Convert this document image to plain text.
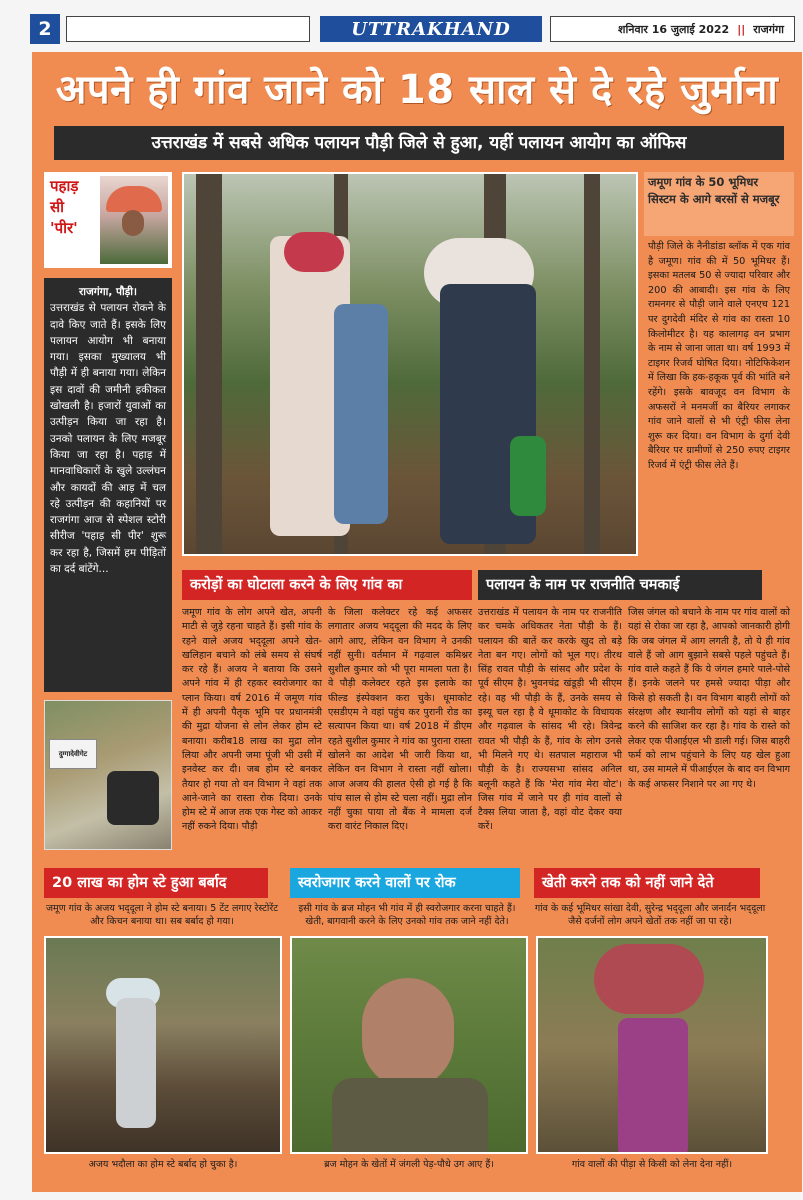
2	UTTRAKHAND	शनिवार 16 जुलाई 2022 || राजगंगा
अपने ही गांव जाने को 18 साल से दे रहे जुर्माना
उत्तराखंड में सबसे अधिक पलायन पौड़ी जिले से हुआ, यहीं पलायन आयोग का ऑफिस
पहाड़
सी
'पीर'
राजगंगा, पौड़ी।
उत्तराखंड से पलायन रोकने के दावे किए जाते हैं। इसके लिए पलायन आयोग भी बनाया गया। इसका मुख्यालय भी पौड़ी में ही बनाया गया। लेकिन इस दावों की जमीनी हकीकत खोखली है। हजारों युवाओं का उत्पीड़न किया जा रहा है। उनको पलायन के लिए मजबूर किया जा रहा है। पहाड़ में मानवाधिकारों के खुले उल्लंघन और कायदों की आड़ में चल रहे उत्पीड़न की कहानियों पर राजगंगा आज से स्पेशल स्टोरी सीरीज 'पहाड़ सी पीर' शुरू कर रहा है, जिसमें हम पीड़ितों का दर्द बांटेंगे...
दुग्गादेवीगेट
जमूण गांव के 50 भूमिधर सिस्टम के आगे बरसों से मजबूर
पौड़ी जिले के नैनीडांडा ब्लॉक में एक गांव है जमूण। गांव की में 50 भूमिधर हैं। इसका मतलब 50 से ज्यादा परिवार और 200 की आबादी। इस गांव के लिए रामनगर से पौड़ी जाने वाले एनएच 121 पर दुगदेवी मंदिर से गांव का रास्ता 10 किलोमीटर है। यह कालागढ़ वन प्रभाग के नाम से जाना जाता था। वर्ष 1993 में टाइगर रिजर्व घोषित दिया। नोटिफिकेशन में लिखा कि हक-हकूक पूर्व की भांति बने रहेंगे। इसके बावजूद वन विभाग के अफसरों ने मनमर्जी का बैरियर लगाकर गांव जाने वालों से भी एंट्री फीस लेना शुरू कर दिया। वन विभाग के दुर्गा देवी बैरियर पर ग्रामीणों से 250 रुपए टाइगर रिजर्व में एंट्री फीस लेते हैं।
करोड़ों का घोटाला करने के लिए गांव का	पलायन के नाम पर राजनीति चमकाई
जमूण गांव के लोग अपने खेत, अपनी माटी से जुड़े रहना चाहते हैं। इसी गांव के रहने वाले अजय भद्‌दूला अपने खेत-खलिहान बचाने को लंबे समय से संघर्ष कर रहे हैं। अजय ने बताया कि उसने अपने गांव में ही रहकर स्वरोजगार का प्लान किया। वर्ष 2016 में जमूण गांव में ही अपनी पैतृक भूमि पर प्रधानमंत्री की मुद्रा योजना से लोन लेकर होम स्टे बनाया। करीब18 लाख का मुद्रा लोन लिया और अपनी जमा पूंजी भी उसी में इनवेस्ट कर दी। जब होम स्टे बनकर तैयार हो गया तो वन विभाग ने वहां तक आने-जाने का रास्ता रोक दिया। उनके होम स्टे में आज तक एक गेस्ट को आकर नहीं रुकने दिया। पौड़ी
के जिला कलेक्टर रहे कई अफसर लगातार अजय भद्‌दूला की मदद के लिए आगे आए, लेकिन वन विभाग ने उनकी नहीं सुनी। वर्तमान में गढ़वाल कमिश्नर सुशील कुमार को भी पूरा मामला पता है। वे पौड़ी कलेक्टर रहते इस इलाके का फील्ड इंस्पेक्शन करा चुके। धूमाकोट एसडीएम ने वहां पहुंच कर पुरानी रोड का सत्यापन किया था। वर्ष 2018 में डीएम रहते सुशील कुमार ने गांव का पुराना रास्ता खोलने का आदेश भी जारी किया था, लेकिन वन विभाग ने रास्ता नहीं खोला। आज अजय की हालत ऐसी हो गई है कि पांच साल से होम स्टे चला नहीं। मुद्रा लोन नहीं चुका पाया तो बैंक ने मामला दर्ज करा वारंट निकाल दिए।
उत्तराखंड में पलायन के नाम पर राजनीति कर चमके अधिकतर नेता पौड़ी के हैं। पलायन की बातें कर करके खुद तो बड़े नेता बन गए। लोगों को भूल गए। तीरथ सिंह रावत पौड़ी के सांसद और प्रदेश के पूर्व सीएम है। भुवनचंद्र खंडूड़ी भी सीएम रहे। वह भी पौड़ी के हैं, उनके समय से इस्यू चल रहा है वे धूमाकोट के विधायक और गढ़वाल के सांसद भी रहे। त्रिवेन्द्र रावत भी पौड़ी के हैं, गांव के लोग उनसे भी मिलने गए थे। सतपाल महाराज भी पौड़ी के है। राज्यसभा सांसद अनिल बलूनी कहते हैं कि 'मेरा गांव मेरा वोट'। जिस गांव में जाने पर ही गांव वालों से टैक्स लिया जाता है, वहां वोट देकर क्या करें।
जिस जंगल को बचाने के नाम पर गांव वालों को यहां से रोका जा रहा है, आपको जानकारी होगी कि जब जंगल में आग लगती है, तो ये ही गांव वाले हैं जो आग बुझाने सबसे पहले पहुंचते हैं। गांव वाले कहते हैं कि ये जंगल हमारे पाले-पोसे हैं। इनके जलने पर हमसे ज्यादा पीड़ा और किसे हो सकती है। वन विभाग बाहरी लोगों को संरक्षण और स्थानीय लोगों को यहां से बाहर करने की साजिश कर रहा है। गांव के रास्ते को लेकर एक पीआईएल भी डाली गई। जिस बाहरी फर्म को लाभ पहुंचाने के लिए यह खेल हुआ था, उस मामले में पीआईएल के बाद वन विभाग के कई अफसर निशाने पर आ गए थे।
20 लाख का होम स्टे हुआ बर्बाद	स्वरोजगार करने वालों पर रोक	खेती करने तक को नहीं जाने देते
जमूण गांव के अजय भद्‌दूला ने होम स्टे बनाया। 5 टेंट लगाए रेस्टोरेंट और किचन बनाया था। सब बर्बाद हो गया।
इसी गांव के ब्रज मोहन भी गांव में ही स्वरोजगार करना चाहते हैं। खेती, बागवानी करने के लिए उनको गांव तक जाने नहीं देते।
गांव के कई भूमिधर सांखा देवी, सुरेन्द्र भद्‌दूला और जनार्दन भद्‌दूला जैसे दर्जनों लोग अपने खेतों तक नहीं जा पा रहे।
अजय भदौला का होम स्टे बर्बाद हो चुका है।	ब्रज मोहन के खेतों में जंगली पेड़-पौधे उग आए हैं।	गांव वालों की पीड़ा से किसी को लेना देना नहीं।
